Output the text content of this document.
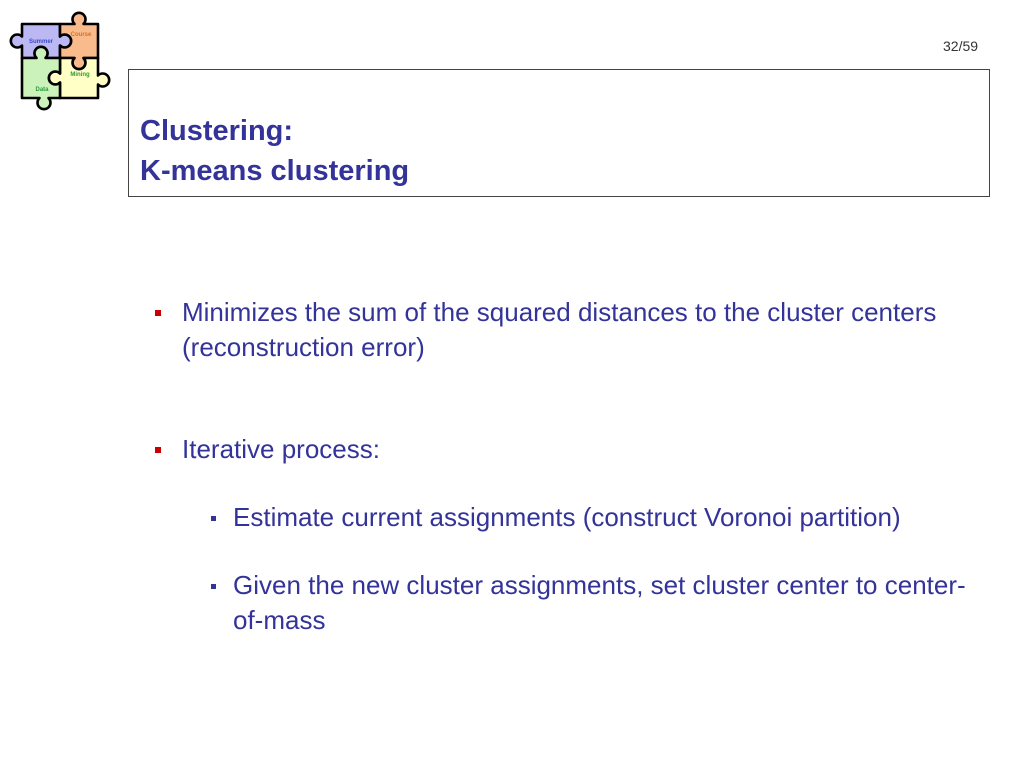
Summer
Course
Mining
Data
32/59
Clustering:
K-means clustering
Minimizes the sum of the squared distances to the cluster centers (reconstruction error)
Iterative process:
Estimate current assignments (construct Voronoi partition)
Given the new cluster assignments, set cluster center to center-of-mass
